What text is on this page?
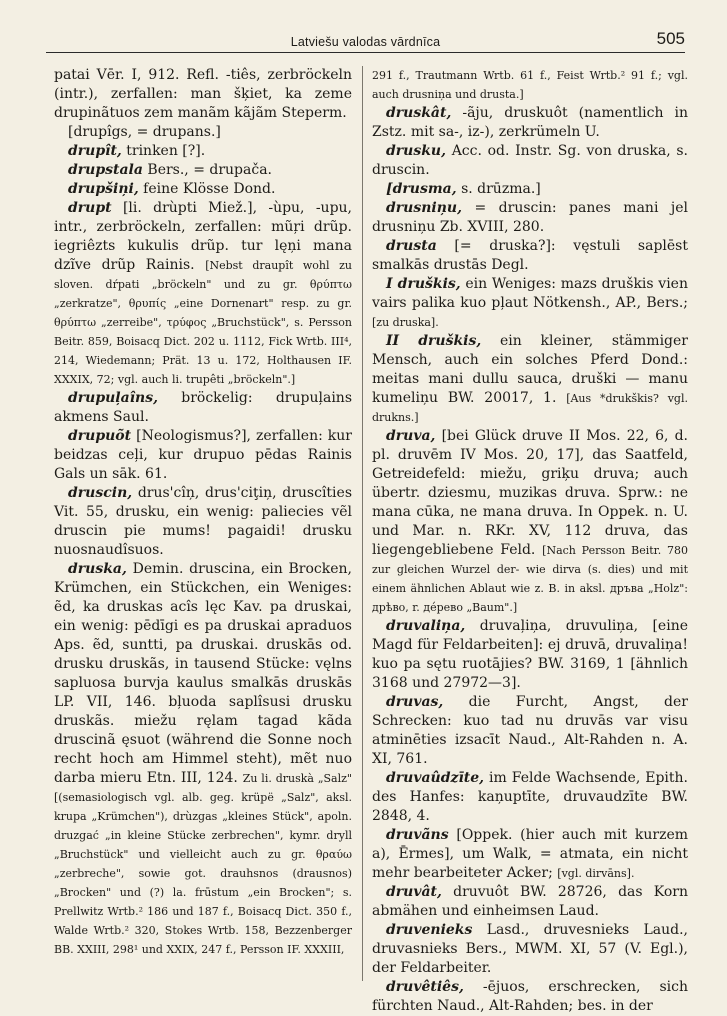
Latviešu valodas vārdnīca	505

patai Vēr. I, 912. Refl. -tiês, zerbröckeln (intr.), zerfallen: man šķiet, ka zeme drupinãtuos zem manãm kãjãm Steperm.

[drupîgs, = drupans.]

drupît, trinken [?].

drupstala Bers., = drupača.

drupšiņi, feine Klösse Dond.

drupt [li. drùpti Miež.], -ùpu, -upu, intr., zerbröckeln, zerfallen: mũŗi drũp. iegriêzts kukulis drũp. tur lęņi mana dzĩve drũp Rainis. [Nebst draupît wohl zu sloven. dŕpati „bröckeln" und zu gr. θρύπτω „zerkratze", θρυπίς „eine Dornenart" resp. zu gr. θρύπτω „zerreibe", τρύφος „Bruchstück", s. Persson Beitr. 859, Boisacq Dict. 202 u. 1112, Fick Wrtb. III⁴, 214, Wiedemann; Prät. 13 u. 172, Holthausen IF. XXXIX, 72; vgl. auch li. trupêti „bröckeln".]

drupuļaîns, bröckelig: drupuļains akmens Saul.

drupuõt [Neologismus?], zerfallen: kur beidzas ceļi, kur drupuo pēdas Rainis Gals un sāk. 61.

druscin, drus'cîņ, drus'ciţiņ, druscîties Vit. 55, drusku, ein wenig: paliecies vẽl druscin pie mums! pagaidi! drusku nuosnaudîsuos.

druska, Demin. druscina, ein Brocken, Krümchen, ein Stückchen, ein Weniges: ẽd, ka druskas acîs lęc Kav. pa druskai, ein wenig: pēdīgi es pa druskai apraduos Aps. ẽd, suntti, pa druskai. druskās od. drusku druskãs, in tausend Stücke: vęlns sapluosa burvja kaulus smalkās druskās LP. VII, 146. bļuoda saplîsusi drusku druskãs. miežu ręlam tagad kãda druscinã ęsuot (während die Sonne noch recht hoch am Himmel steht), mẽt nuo darba mieru Etn. III, 124. Zu li. druskà „Salz" [(semasiologisch vgl. alb. geg. krüpë „Salz", aksl. krupa „Krümchen"), drùzgas „kleines Stück", apoln. druzgać „in kleine Stücke zerbrechen", kymr. dryll „Bruchstück" und vielleicht auch zu gr. θραύω „zerbreche", sowie got. drauhsnos (drausnos) „Brocken" und (?) la. frūstum „ein Brocken"; s. Prellwitz Wrtb.² 186 und 187 f., Boisacq Dict. 350 f., Walde Wrtb.² 320, Stokes Wrtb. 158, Bezzenberger BB. XXIII, 298¹ und XXIX, 247 f., Persson IF. XXXIII,

291 f., Trautmann Wrtb. 61 f., Feist Wrtb.² 91 f.; vgl. auch drusniņa und drusta.]

druskât, -ãju, druskuôt (namentlich in Zstz. mit sa-, iz-), zerkrümeln U.

drusku, Acc. od. Instr. Sg. von druska, s. druscin.

[drusma, s. drūzma.]

drusniņu, = druscin: panes mani jel drusniņu Zb. XVIII, 280.

drusta [= druska?]: vęstuli saplēst smalkās drustās Degl.

I druškis, ein Weniges: mazs druškis vien vairs palika kuo pļaut Nötkensh., AP., Bers.; [zu druska].

II druškis, ein kleiner, stämmiger Mensch, auch ein solches Pferd Dond.: meitas mani dullu sauca, druški — manu kumeliņu BW. 20017, 1. [Aus *drukškis? vgl. drukns.]

druva, [bei Glück druve II Mos. 22, 6, d. pl. druvēm IV Mos. 20, 17], das Saatfeld, Getreidefeld: miežu, griķu druva; auch übertr. dziesmu, muzikas druva. Sprw.: ne mana cūka, ne mana druva. In Oppek. n. U. und Mar. n. RKr. XV, 112 druva, das liegengebliebene Feld. [Nach Persson Beitr. 780 zur gleichen Wurzel der- wie dirva (s. dies) und mit einem ähnlichen Ablaut wie z. B. in aksl. дръва „Holz": дрѣво, r. дéрево „Baum".]

druvaliņa, druvaļiņa, druvuliņa, [eine Magd für Feldarbeiten]: ej druvā, druvaliņa! kuo pa sętu ruotājies? BW. 3169, 1 [ähnlich 3168 und 27972—3].

druvas, die Furcht, Angst, der Schrecken: kuo tad nu druvās var visu atminēties izsacīt Naud., Alt-Rahden n. A. XI, 761.

druvaûdzīte, im Felde Wachsende, Epith. des Hanfes: kaņuptīte, druvaudzīte BW. 2848, 4.

druvãns [Oppek. (hier auch mit kurzem a), Ērmes], um Walk, = atmata, ein nicht mehr bearbeiteter Acker; [vgl. dirvāns].

druvât, druvuôt BW. 28726, das Korn abmähen und einheimsen Laud.

druvenieks Lasd., druvesnieks Laud., druvasnieks Bers., MWM. XI, 57 (V. Egl.), der Feldarbeiter.

druvêtiês, -ējuos, erschrecken, sich fürchten Naud., Alt-Rahden; bes. in der
